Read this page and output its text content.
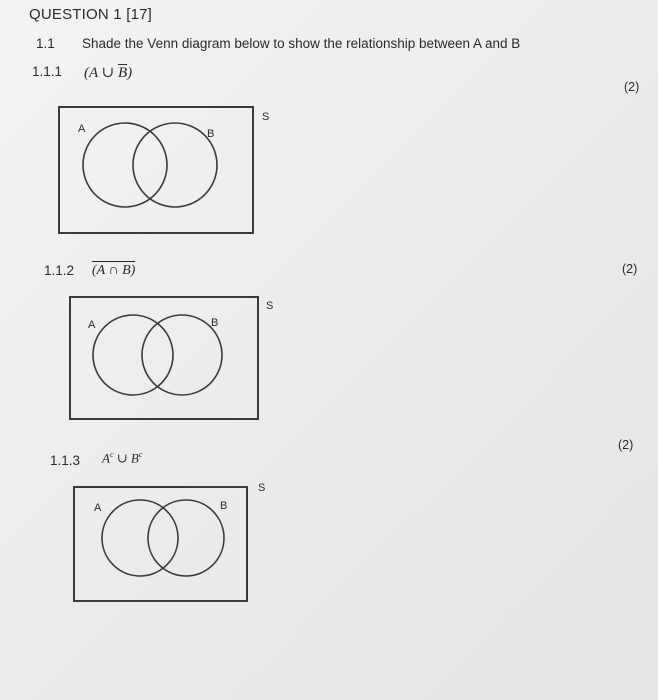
QUESTION 1 [17]
1.1 Shade the Venn diagram below to show the relationship between A and B
1.1.1 (A ∪ $\overline{B}$)
(2)
S
A	B
1.1.2 (A ∩ B)	(2)
S
A	B
(2)
1.1.3 $A^c$ ∪ $B^c$
S
A	B
